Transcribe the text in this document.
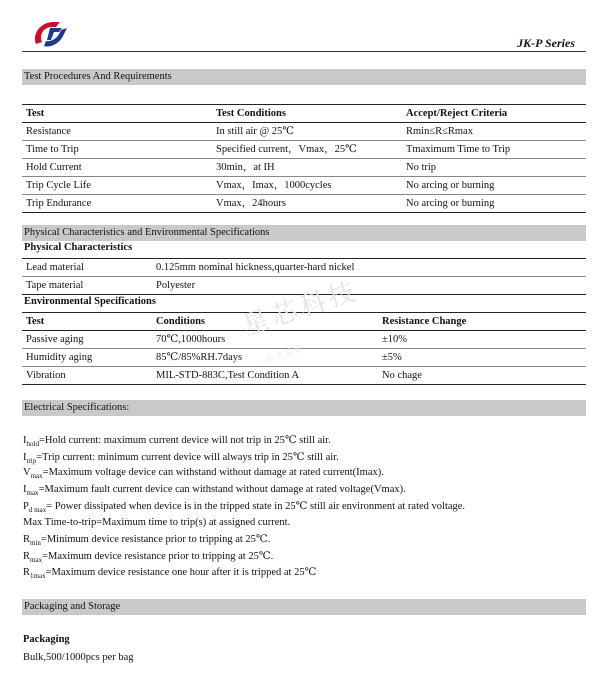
JK-P Series
Test Procedures And Requirements
Test	Test Conditions	Accept/Reject Criteria
Resistance	In still air @ 25℃	Rmin≤R≤Rmax
Time to Trip	Specified current，Vmax，25℃	Tmaximum Time to Trip
Hold Current	30min，at IH	No trip
Trip Cycle Life	Vmax，Imax，1000cycles	No arcing or burning
Trip Endurance	Vmax，24hours	No arcing or burning
Physical Characteristics and Environmental Specifications
Physical Characteristics
Lead material	0.125mm nominal hickness,quarter-hard nickel
Tape material	Polyester
Environmental Specifications
Test	Conditions	Resistance Change
Passive aging	70℃,1000hours	±10%
Humidity aging	85℃/85%RH.7days	±5%
Vibration	MIL-STD-883C,Test Condition A	No chage
星芯科技
一站式采购
Electrical Specifications:
$I_{hold}=Hold$ current: maximum current device will not trip in 25℃ still air.
$I_{trip}=Trip$ current: minimum current device will always trip in 25℃ still air.
$V_{max}=Maximum$ voltage device can withstand without damage at rated current(Imax).
$I_{max}=Maximum$ fault current device can withstand without damage at rated voltage(Vmax).
$P_{d max}=$ Power dissipated when device is in the tripped state in 25℃ still air environment at rated voltage.
Max Time-to-trip=Maximum time to trip(s) at assigned current.
$R_{min}=Minimum$ device resistance prior to tripping at 25℃.
$R_{max}=Maximum$ device resistance prior to tripping at 25℃.
$R_{1max}=Maximum$ device resistance one hour after it is tripped at 25℃
Packaging and Storage
Packaging
Bulk,500/1000pcs per bag
